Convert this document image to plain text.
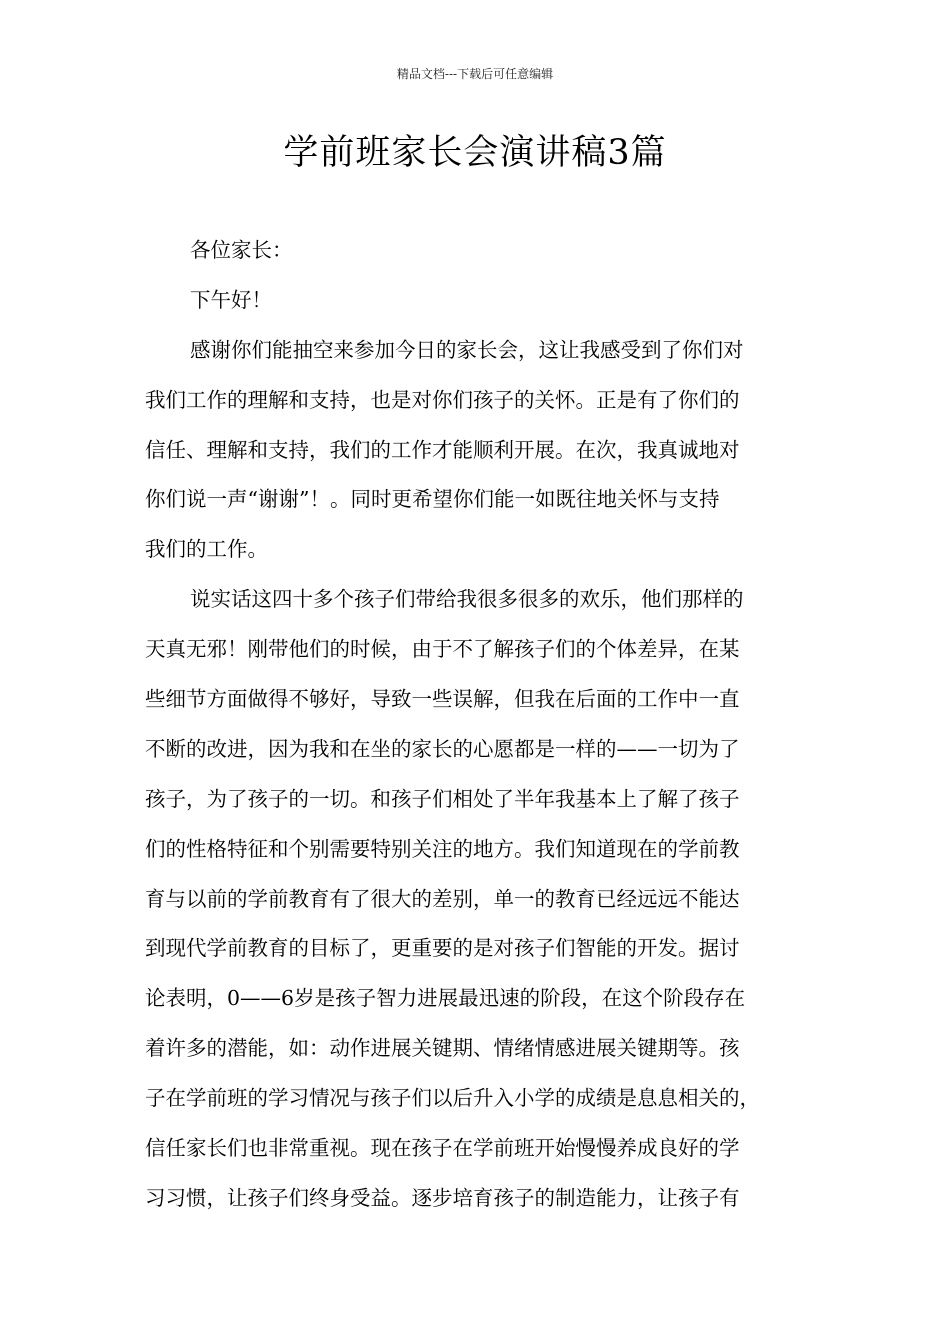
精品文档---下载后可任意编辑
学前班家长会演讲稿3篇
各位家长：
下午好！
感谢你们能抽空来参加今日的家长会，这让我感受到了你们对
我们工作的理解和支持，也是对你们孩子的关怀。正是有了你们的
信任、理解和支持，我们的工作才能顺利开展。在次，我真诚地对
你们说一声“谢谢”！。同时更希望你们能一如既往地关怀与支持
我们的工作。
说实话这四十多个孩子们带给我很多很多的欢乐，他们那样的
天真无邪！刚带他们的时候，由于不了解孩子们的个体差异，在某
些细节方面做得不够好，导致一些误解，但我在后面的工作中一直
不断的改进，因为我和在坐的家长的心愿都是一样的——一切为了
孩子，为了孩子的一切。和孩子们相处了半年我基本上了解了孩子
们的性格特征和个别需要特别关注的地方。我们知道现在的学前教
育与以前的学前教育有了很大的差别，单一的教育已经远远不能达
到现代学前教育的目标了，更重要的是对孩子们智能的开发。据讨
论表明，0——6岁是孩子智力进展最迅速的阶段，在这个阶段存在
着许多的潜能，如：动作进展关键期、情绪情感进展关键期等。孩
子在学前班的学习情况与孩子们以后升入小学的成绩是息息相关的，
信任家长们也非常重视。现在孩子在学前班开始慢慢养成良好的学
习习惯，让孩子们终身受益。逐步培育孩子的制造能力，让孩子有
